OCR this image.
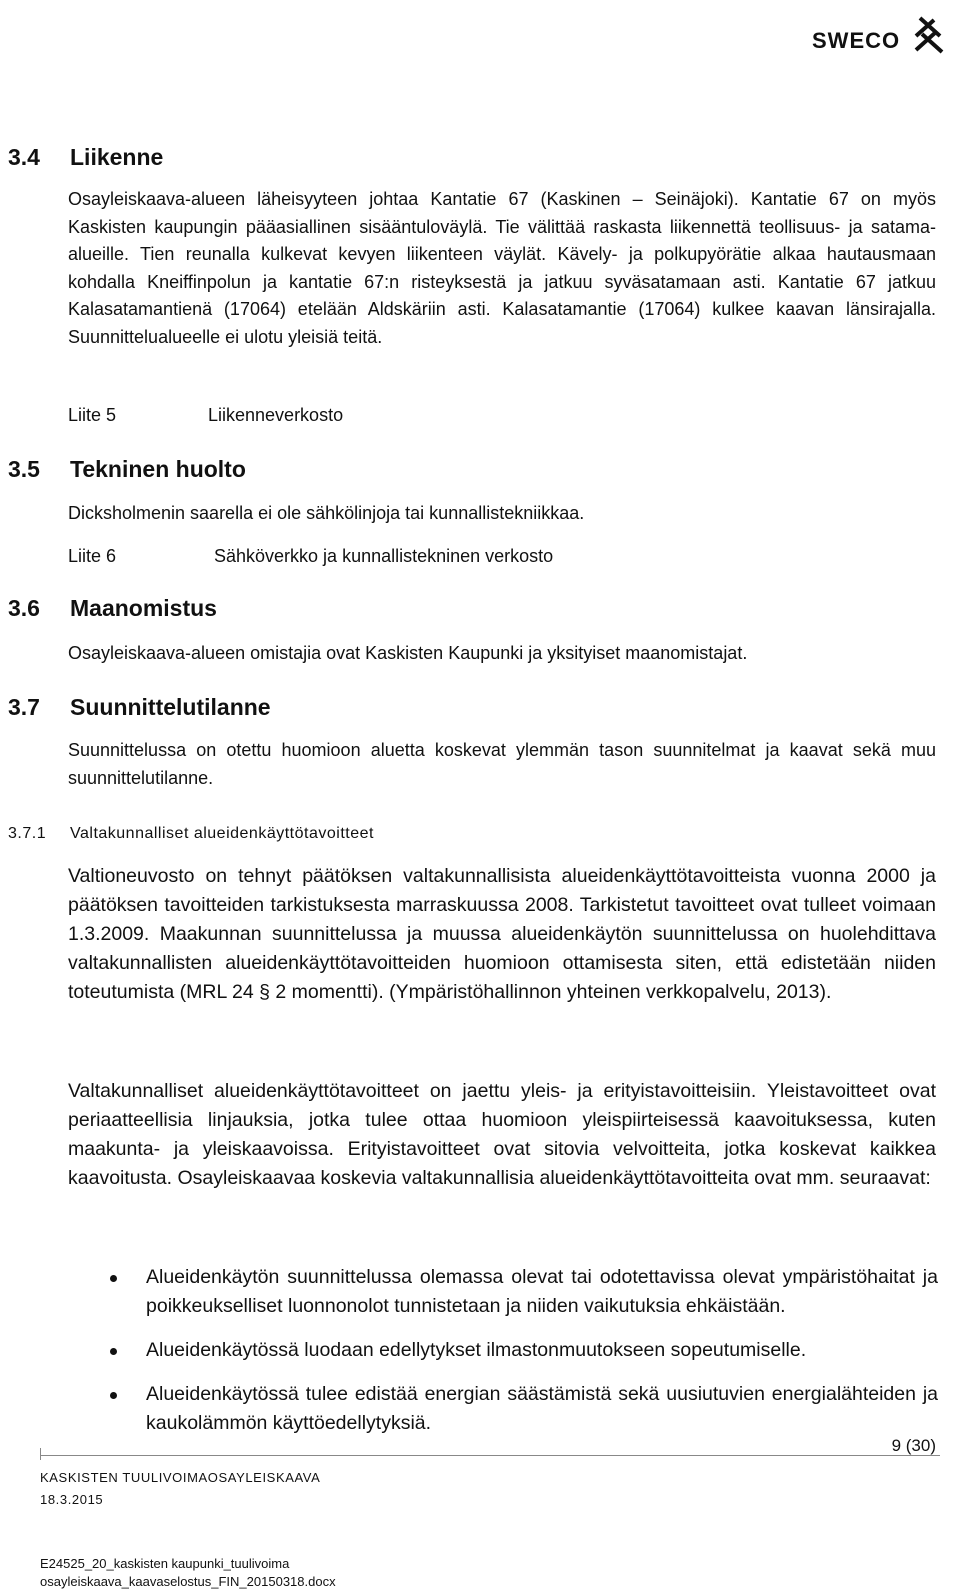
SWECO
3.4 Liikenne

Osayleiskaava-alueen läheisyyteen johtaa Kantatie 67 (Kaskinen – Seinäjoki). Kantatie 67 on myös Kaskisten kaupungin pääasiallinen sisääntuloväylä. Tie välittää raskasta liikennettä teollisuus- ja satama-alueille. Tien reunalla kulkevat kevyen liikenteen väylät. Kävely- ja polkupyörätie alkaa hautausmaan kohdalla Kneiffinpolun ja kantatie 67:n risteyksestä ja jatkuu syväsatamaan asti. Kantatie 67 jatkuu Kalasatamantienä (17064) etelään Aldskäriin asti. Kalasatamantie (17064) kulkee kaavan länsirajalla. Suunnittelualueelle ei ulotu yleisiä teitä.

Liite 5	Liikenneverkosto
3.5 Tekninen huolto

Dicksholmenin saarella ei ole sähkölinjoja tai kunnallistekniikkaa.

Liite 6	Sähköverkko ja kunnallistekninen verkosto
3.6 Maanomistus

Osayleiskaava-alueen omistajia ovat Kaskisten Kaupunki ja yksityiset maanomistajat.

3.7 Suunnittelutilanne

Suunnittelussa on otettu huomioon aluetta koskevat ylemmän tason suunnitelmat ja kaavat sekä muu suunnittelutilanne.

3.7.1 Valtakunnalliset alueidenkäyttötavoitteet

Valtioneuvosto on tehnyt päätöksen valtakunnallisista alueidenkäyttötavoitteista vuonna 2000 ja päätöksen tavoitteiden tarkistuksesta marraskuussa 2008. Tarkistetut tavoitteet ovat tulleet voimaan 1.3.2009. Maakunnan suunnittelussa ja muussa alueidenkäytön suunnittelussa on huolehdittava valtakunnallisten alueidenkäyttötavoitteiden huomioon ottamisesta siten, että edistetään niiden toteutumista (MRL 24 § 2 momentti). (Ympäristöhallinnon yhteinen verkkopalvelu, 2013).

Valtakunnalliset alueidenkäyttötavoitteet on jaettu yleis- ja erityistavoitteisiin. Yleistavoitteet ovat periaatteellisia linjauksia, jotka tulee ottaa huomioon yleispiirteisessä kaavoituksessa, kuten maakunta- ja yleiskaavoissa. Erityistavoitteet ovat sitovia velvoitteita, jotka koskevat kaikkea kaavoitusta. Osayleiskaavaa koskevia valtakunnallisia alueidenkäyttötavoitteita ovat mm. seuraavat:

Alueidenkäytön suunnittelussa olemassa olevat tai odotettavissa olevat ympäristöhaitat ja poikkeukselliset luonnonolot tunnistetaan ja niiden vaikutuksia ehkäistään.
Alueidenkäytössä luodaan edellytykset ilmastonmuutokseen sopeutumiselle.
Alueidenkäytössä tulee edistää energian säästämistä sekä uusiutuvien energialähteiden ja kaukolämmön käyttöedellytyksiä.
9 (30)
KASKISTEN TUULIVOIMAOSAYLEISKAAVA
18.3.2015
E24525_20_kaskisten kaupunki_tuulivoima
osayleiskaava_kaavaselostus_FIN_20150318.docx
